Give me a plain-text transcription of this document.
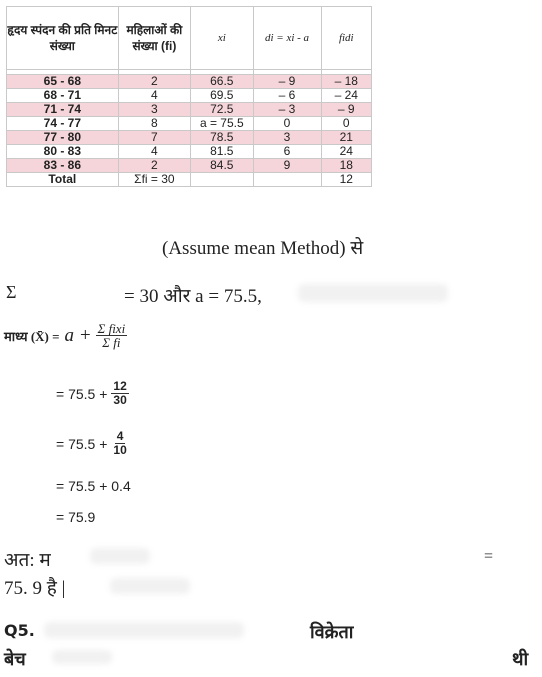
हृदय स्पंदन की प्रति मिनट संख्या	महिलाओं की संख्या (fi)	xi	di = xi - a	fidi

65 - 68	2	66.5	– 9	– 18
68 - 71	4	69.5	– 6	– 24
71 - 74	3	72.5	– 3	– 9
74 - 77	8	a = 75.5	0	0
77 - 80	7	78.5	3	21
80 - 83	4	81.5	6	24
83 - 86	2	84.5	9	18
Total	Σfi = 30			12
(Assume mean Method) से
Σ	= 30 और a = 75.5,
माध्य (X̄) = $a + \frac{\text{Σ fixi}}{\text{Σ fi}}$
= $75.5 + \frac{12}{30}$
= $75.5 + \frac{4}{10}$
= 75.5 + 0.4
= 75.9
अत: म	=
75. 9 है |
Q5.	विक्रेता
बेच	थी
